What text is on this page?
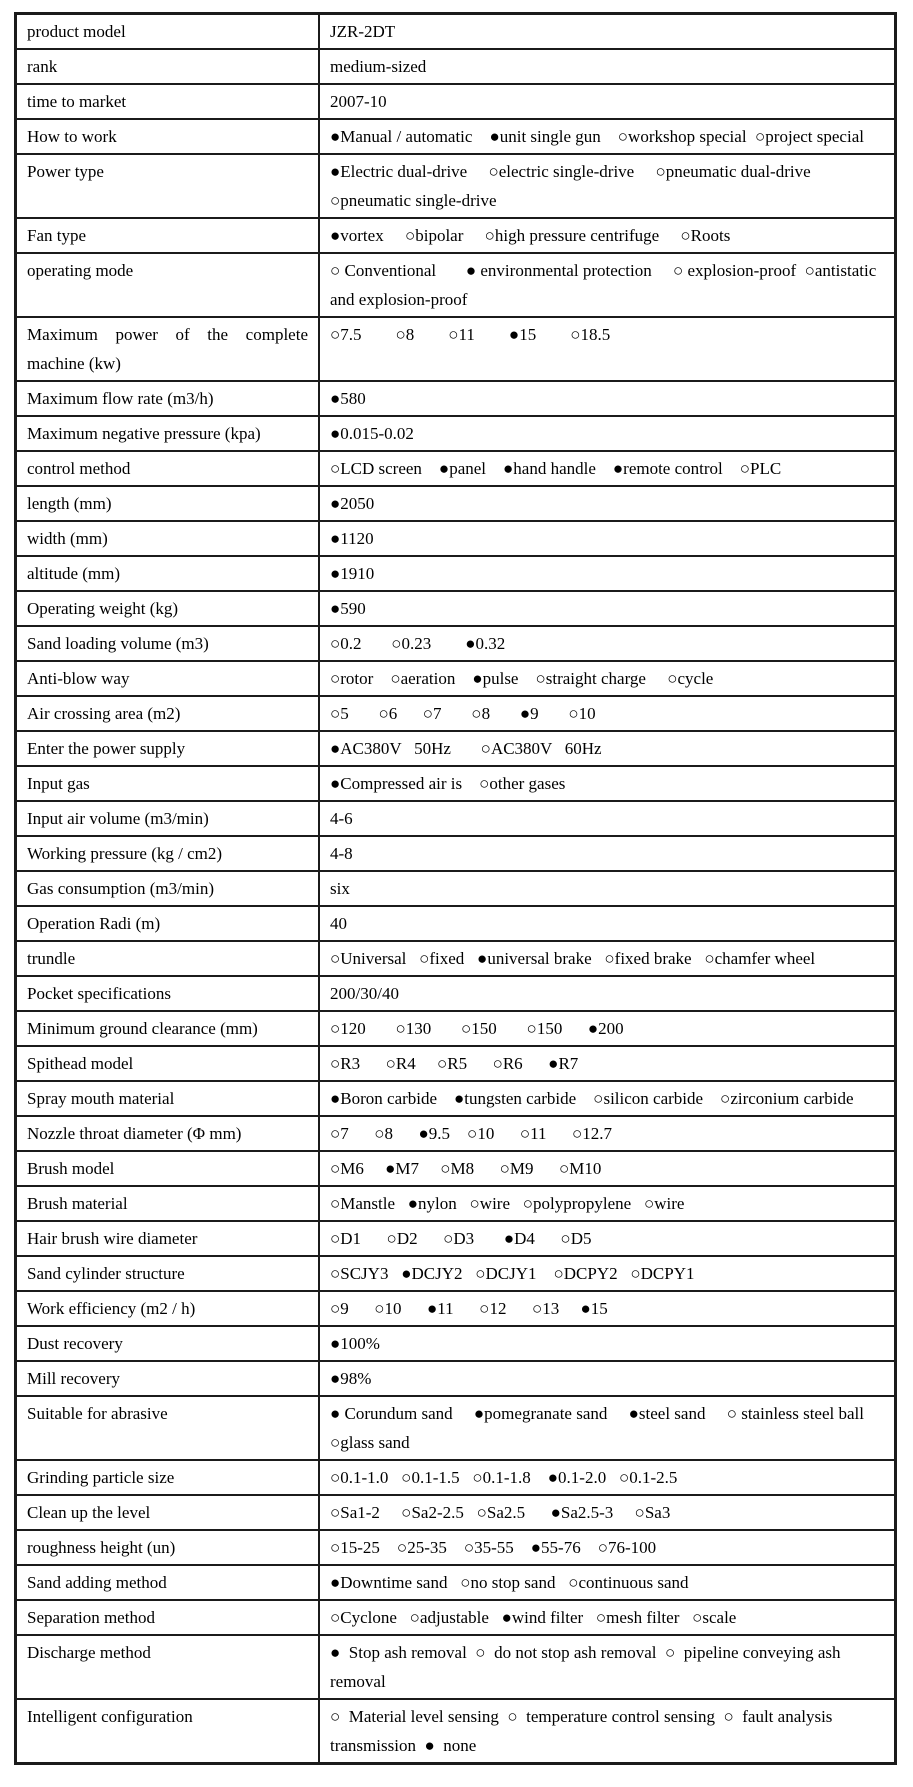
product model	JZR-2DT
rank	medium-sized
time to market	2007-10
How to work	●Manual / automatic    ●unit single gun    ○workshop special  ○project special
Power type	●Electric dual-drive     ○electric single-drive     ○pneumatic dual-drive  ○pneumatic single-drive
Fan type	●vortex     ○bipolar     ○high pressure centrifuge     ○Roots
operating mode	○ Conventional       ● environmental protection     ○ explosion-proof  ○antistatic and explosion-proof
Maximum power of the complete machine (kw)	○7.5        ○8        ○11        ●15        ○18.5
Maximum flow rate (m3/h)	●580
Maximum negative pressure (kpa)	●0.015-0.02
control method	○LCD screen    ●panel    ●hand handle    ●remote control    ○PLC
length (mm)	●2050
width (mm)	●1120
altitude (mm)	●1910
Operating weight (kg)	●590
Sand loading volume (m3)	○0.2       ○0.23        ●0.32
Anti-blow way	○rotor    ○aeration    ●pulse    ○straight charge     ○cycle
Air crossing area (m2)	○5       ○6      ○7       ○8       ●9       ○10
Enter the power supply	●AC380V   50Hz       ○AC380V   60Hz
Input gas	●Compressed air is    ○other gases
Input air volume (m3/min)	4-6
Working pressure (kg / cm2)	4-8
Gas consumption (m3/min)	six
Operation Radi (m)	40
trundle	○Universal   ○fixed   ●universal brake   ○fixed brake   ○chamfer wheel
Pocket specifications	200/30/40
Minimum ground clearance (mm)	○120       ○130       ○150       ○150      ●200
Spithead model	○R3      ○R4     ○R5      ○R6      ●R7
Spray mouth material	●Boron carbide    ●tungsten carbide    ○silicon carbide    ○zirconium carbide
Nozzle throat diameter (Φ mm)	○7      ○8      ●9.5    ○10      ○11      ○12.7
Brush model	○M6     ●M7     ○M8      ○M9      ○M10
Brush material	○Manstle   ●nylon   ○wire   ○polypropylene   ○wire
Hair brush wire diameter	○D1      ○D2      ○D3       ●D4      ○D5
Sand cylinder structure	○SCJY3   ●DCJY2   ○DCJY1    ○DCPY2   ○DCPY1
Work efficiency (m2 / h)	○9      ○10      ●11      ○12      ○13     ●15
Dust recovery	●100%
Mill recovery	●98%
Suitable for abrasive	● Corundum sand     ●pomegranate sand     ●steel sand     ○ stainless steel ball  ○glass sand
Grinding particle size	○0.1-1.0   ○0.1-1.5   ○0.1-1.8    ●0.1-2.0   ○0.1-2.5
Clean up the level	○Sa1-2     ○Sa2-2.5   ○Sa2.5      ●Sa2.5-3     ○Sa3
roughness height (un)	○15-25    ○25-35    ○35-55    ●55-76    ○76-100
Sand adding method	●Downtime sand   ○no stop sand   ○continuous sand
Separation method	○Cyclone   ○adjustable   ●wind filter   ○mesh filter   ○scale
Discharge method	●  Stop ash removal  ○  do not stop ash removal  ○  pipeline conveying ash removal
Intelligent configuration	○  Material level sensing  ○  temperature control sensing  ○  fault analysis transmission  ●  none
